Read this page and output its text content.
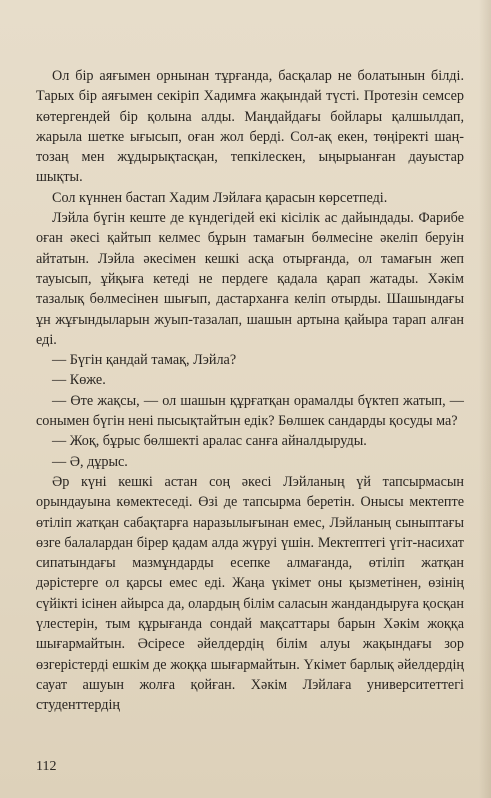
Ол бір аяғымен орнынан тұрғанда, басқалар не болатынын білді. Тарых бір аяғымен секіріп Хадимға жақындай түсті. Протезін семсер көтергендей бір қолына алды. Маңдайдағы бойлары қалшылдап, жарыла шетке ығысып, оған жол берді. Сол-ақ екен, төңіректі шаң-тозаң мен жұдырықтасқан, тепкілескен, ыңырыанған дауыстар шықты.

Сол күннен бастап Хадим Лэйлаға қарасын көрсетпеді.

Лэйла бүгін кеште де күндегідей екі кісілік ас дайындады. Фарибе оған әкесі қайтып келмес бұрын тамағын бөлмесіне әкеліп беруін айтатын. Лэйла әкесімен кешкі асқа отырғанда, ол тамағын жеп тауысып, ұйқыға кетеді не пердеге қадала қарап жатады. Хәкім тазалық бөлмесінен шығып, дастарханға келіп отырды. Шашындағы ұн жұғындыларын жуып-тазалап, шашын артына қайыра тарап алған еді.

— Бүгін қандай тамақ, Лэйла?

— Көже.

— Өте жақсы, — ол шашын құрғатқан орамалды бүктеп жатып, — сонымен бүгін нені пысықтайтын едік? Бөлшек сандарды қосуды ма?

— Жоқ, бұрыс бөлшекті аралас санға айналдыруды.

— Ә, дұрыс.

Әр күні кешкі астан соң әкесі Лэйланың үй тапсырмасын орындауына көмектеседі. Өзі де тапсырма беретін. Онысы мектепте өтіліп жатқан сабақтарға наразылығынан емес, Лэйланың сыныптағы өзге балалардан бірер қадам алда жүруі үшін. Мектептегі үгіт-насихат сипатындағы мазмұндарды есепке алмағанда, өтіліп жатқан дәрістерге ол қарсы емес еді. Жаңа үкімет оны қызметінен, өзінің сүйікті ісінен айырса да, олардың білім саласын жандандыруға қосқан үлестерін, тым құрығанда сондай мақсаттары барын Хәкім жоққа шығармайтын. Әсіресе әйелдердің білім алуы жақындағы зор өзгерістерді ешкім де жоққа шығармайтын. Үкімет барлық әйелдердің сауат ашуын жолға қойған. Хәкім Лэйлаға университеттегі студенттердің

112
